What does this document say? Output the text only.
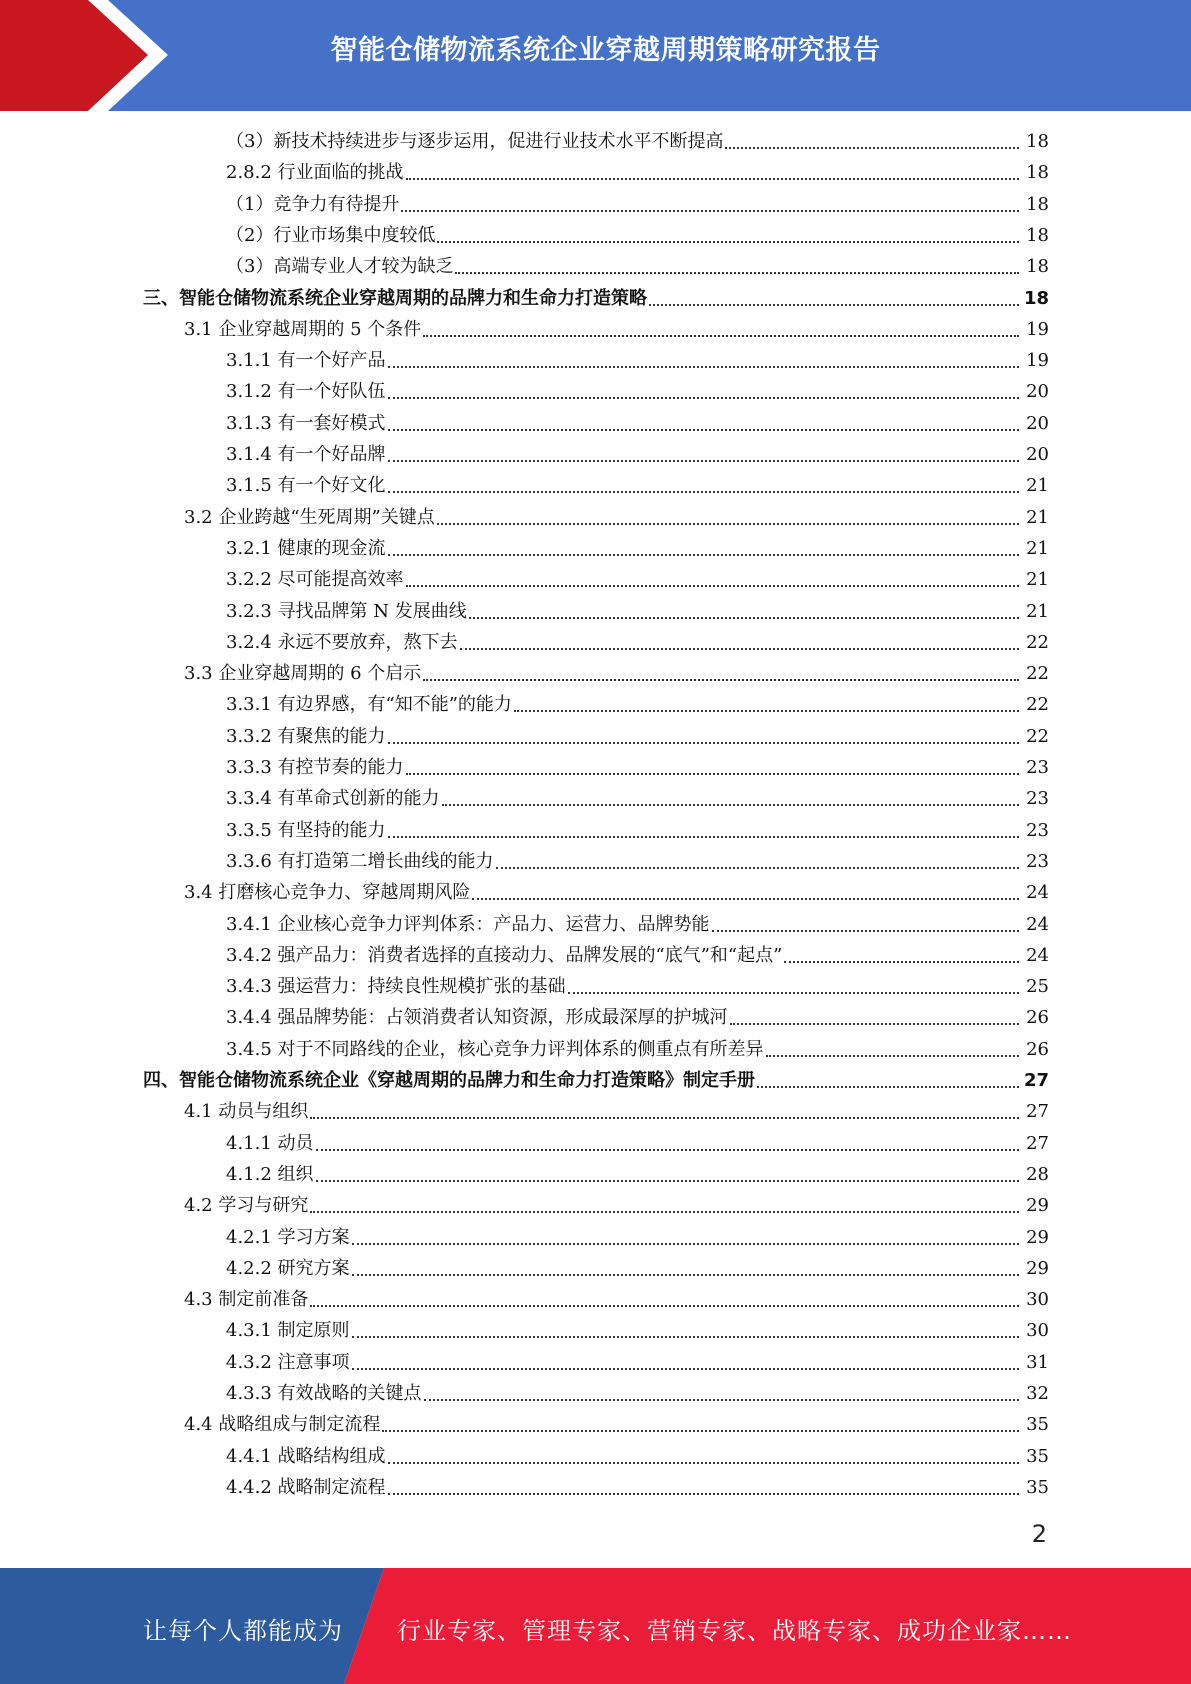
智能仓储物流系统企业穿越周期策略研究报告
（3） 新技术持续进步与逐步运用，促进行业技术水平不断提高	18
2.8.2 行业面临的挑战	18
（1） 竞争力有待提升	18
（2） 行业市场集中度较低	18
（3） 高端专业人才较为缺乏	18
三、 智能仓储物流系统企业穿越周期的品牌力和生命力打造策略	18
3.1 企业穿越周期的 5 个条件	19
3.1.1 有一个好产品	19
3.1.2 有一个好队伍	20
3.1.3 有一套好模式	20
3.1.4 有一个好品牌	20
3.1.5 有一个好文化	21
3.2 企业跨越“生死周期”关键点	21
3.2.1 健康的现金流	21
3.2.2 尽可能提高效率	21
3.2.3 寻找品牌第 N 发展曲线	21
3.2.4 永远不要放弃，熬下去	22
3.3 企业穿越周期的 6 个启示	22
3.3.1 有边界感，有“知不能”的能力	22
3.3.2 有聚焦的能力	22
3.3.3 有控节奏的能力	23
3.3.4 有革命式创新的能力	23
3.3.5 有坚持的能力	23
3.3.6 有打造第二增长曲线的能力	23
3.4 打磨核心竞争力、穿越周期风险	24
3.4.1 企业核心竞争力评判体系：产品力、运营力、品牌势能	24
3.4.2 强产品力：消费者选择的直接动力、品牌发展的“底气”和“起点”	24
3.4.3 强运营力：持续良性规模扩张的基础	25
3.4.4 强品牌势能：占领消费者认知资源，形成最深厚的护城河	26
3.4.5 对于不同路线的企业，核心竞争力评判体系的侧重点有所差异	26
四、 智能仓储物流系统企业《穿越周期的品牌力和生命力打造策略》制定手册	27
4.1 动员与组织	27
4.1.1 动员	27
4.1.2 组织	28
4.2 学习与研究	29
4.2.1 学习方案	29
4.2.2 研究方案	29
4.3 制定前准备	30
4.3.1 制定原则	30
4.3.2 注意事项	31
4.3.3 有效战略的关键点	32
4.4 战略组成与制定流程	35
4.4.1 战略结构组成	35
4.4.2 战略制定流程	35
2
让每个人都能成为 行业专家、管理专家、营销专家、战略专家、成功企业家……
